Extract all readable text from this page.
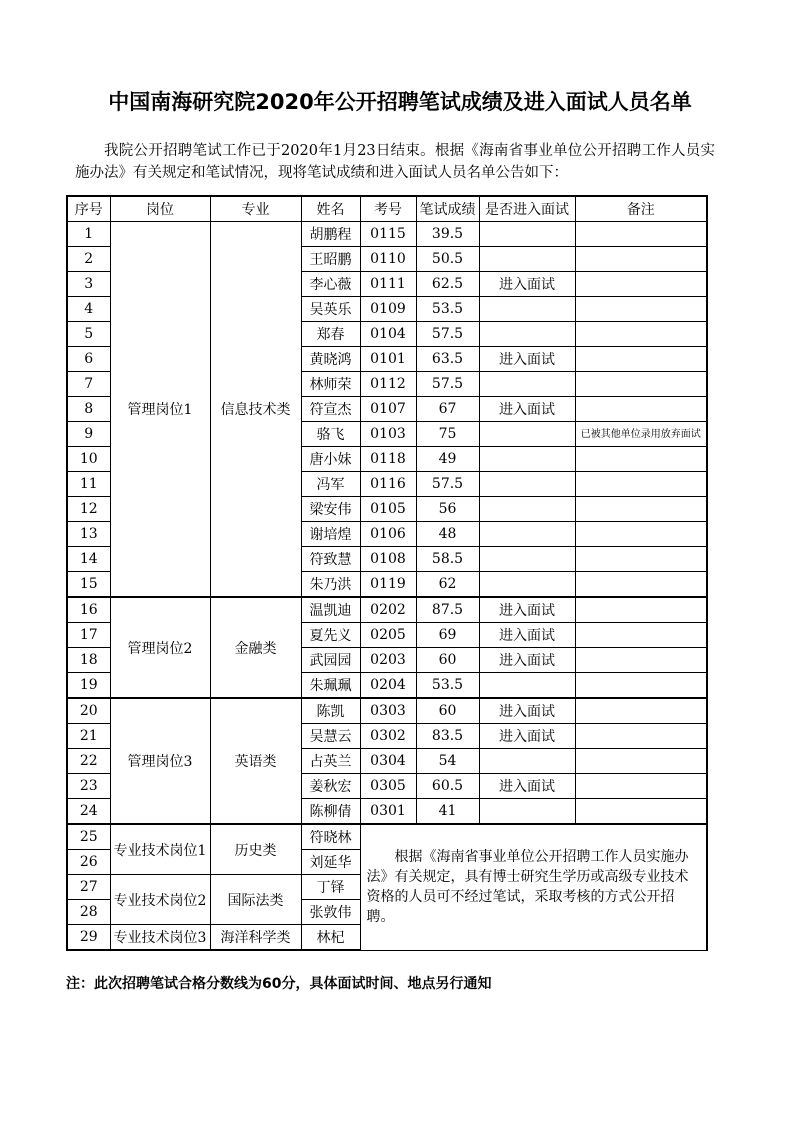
中国南海研究院2020年公开招聘笔试成绩及进入面试人员名单
我院公开招聘笔试工作已于2020年1月23日结束。根据《海南省事业单位公开招聘工作人员实施办法》有关规定和笔试情况，现将笔试成绩和进入面试人员名单公告如下：
序号	岗位	专业	姓名	考号	笔试成绩	是否进入面试	备注
1	管理岗位1	信息技术类	胡鹏程	0115	39.5		
2			王昭鹏	0110	50.5		
3			李心薇	0111	62.5	进入面试	
4			吴英乐	0109	53.5		
5			郑春	0104	57.5		
6			黄晓鸿	0101	63.5	进入面试	
7			林师荣	0112	57.5		
8			符宣杰	0107	67	进入面试	
9			骆飞	0103	75		已被其他单位录用放弃面试
10			唐小妹	0118	49		
11			冯军	0116	57.5		
12			梁安伟	0105	56		
13			谢培煌	0106	48		
14			符致慧	0108	58.5		
15			朱乃洪	0119	62		
16	管理岗位2	金融类	温凯迪	0202	87.5	进入面试	
17			夏先义	0205	69	进入面试	
18			武园园	0203	60	进入面试	
19			朱珮珮	0204	53.5		
20	管理岗位3	英语类	陈凯	0303	60	进入面试	
21			吴慧云	0302	83.5	进入面试	
22			占英兰	0304	54		
23			姜秋宏	0305	60.5	进入面试	
24			陈柳倩	0301	41		
25	专业技术岗位1	历史类	符晓林	根据《海南省事业单位公开招聘工作人员实施办法》有关规定，具有博士研究生学历或高级专业技术资格的人员可不经过笔试，采取考核的方式公开招聘。			
26			刘延华				
27	专业技术岗位2	国际法类	丁铎				
28			张敦伟				
29	专业技术岗位3	海洋科学类	林杞				
注：此次招聘笔试合格分数线为60分，具体面试时间、地点另行通知
